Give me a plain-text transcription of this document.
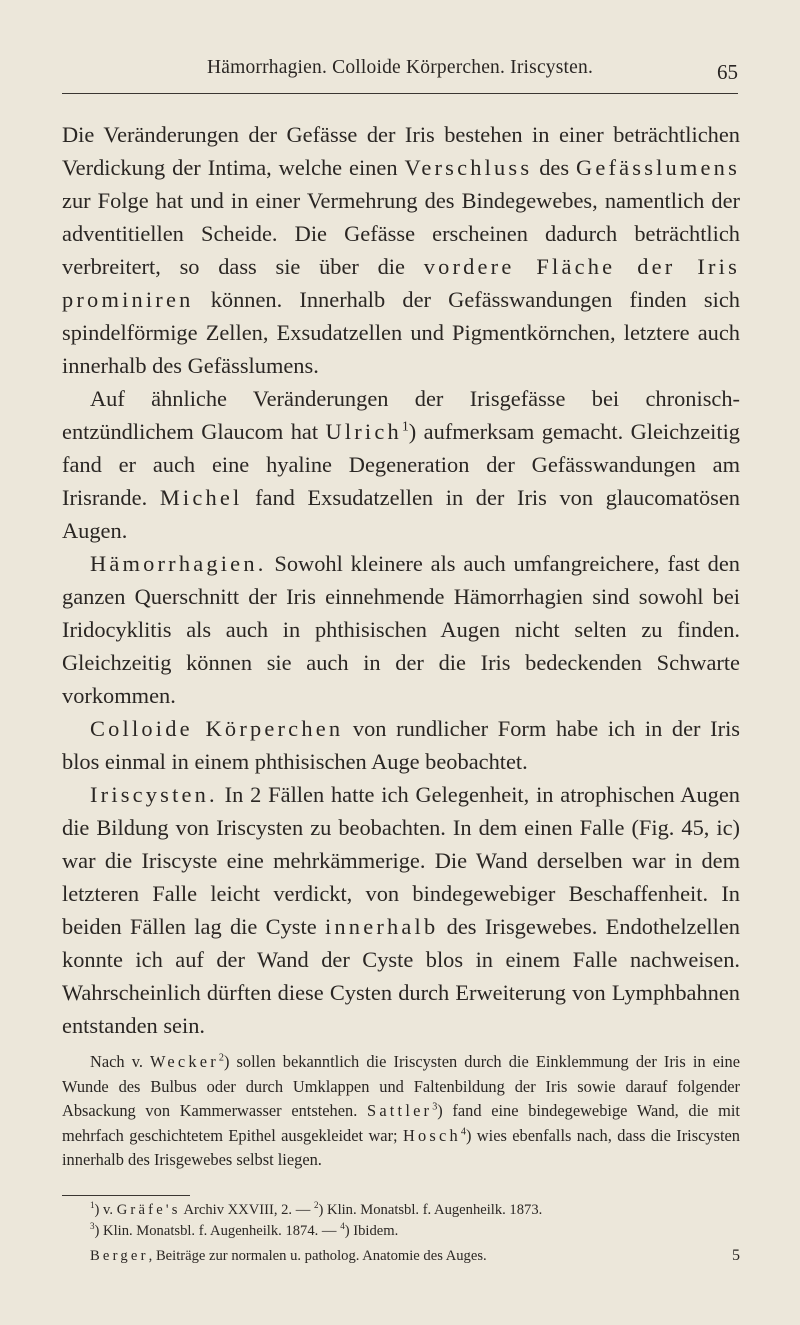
Hämorrhagien. Colloide Körperchen. Iriscysten.	65

Die Veränderungen der Gefässe der Iris bestehen in einer beträchtlichen Verdickung der Intima, welche einen Verschluss des Gefässlumens zur Folge hat und in einer Vermehrung des Bindegewebes, namentlich der adventitiellen Scheide. Die Gefässe erscheinen dadurch beträchtlich verbreitert, so dass sie über die vordere Fläche der Iris prominiren können. Innerhalb der Gefässwandungen finden sich spindelförmige Zellen, Exsudatzellen und Pigmentkörnchen, letztere auch innerhalb des Gefässlumens.

Auf ähnliche Veränderungen der Irisgefässe bei chronisch-entzündlichem Glaucom hat Ulrich$^1$) aufmerksam gemacht. Gleichzeitig fand er auch eine hyaline Degeneration der Gefässwandungen am Irisrande. Michel fand Exsudatzellen in der Iris von glaucomatösen Augen.

Hämorrhagien. Sowohl kleinere als auch umfangreichere, fast den ganzen Querschnitt der Iris einnehmende Hämorrhagien sind sowohl bei Iridocyklitis als auch in phthisischen Augen nicht selten zu finden. Gleichzeitig können sie auch in der die Iris bedeckenden Schwarte vorkommen.

Colloide Körperchen von rundlicher Form habe ich in der Iris blos einmal in einem phthisischen Auge beobachtet.

Iriscysten. In 2 Fällen hatte ich Gelegenheit, in atrophischen Augen die Bildung von Iriscysten zu beobachten. In dem einen Falle (Fig. 45, ic) war die Iriscyste eine mehrkämmerige. Die Wand derselben war in dem letzteren Falle leicht verdickt, von bindegewebiger Beschaffenheit. In beiden Fällen lag die Cyste innerhalb des Irisgewebes. Endothelzellen konnte ich auf der Wand der Cyste blos in einem Falle nachweisen. Wahrscheinlich dürften diese Cysten durch Erweiterung von Lymphbahnen entstanden sein.

Nach v. Wecker$^2$) sollen bekanntlich die Iriscysten durch die Einklemmung der Iris in eine Wunde des Bulbus oder durch Umklappen und Faltenbildung der Iris sowie darauf folgender Absackung von Kammerwasser entstehen. Sattler$^3$) fand eine bindegewebige Wand, die mit mehrfach geschichtetem Epithel ausgekleidet war; Hosch$^4$) wies ebenfalls nach, dass die Iriscysten innerhalb des Irisgewebes selbst liegen.

$^1$) v. Gräfe's Archiv XXVIII, 2. — $^2$) Klin. Monatsbl. f. Augenheilk. 1873.

$^3$) Klin. Monatsbl. f. Augenheilk. 1874. — $^4$) Ibidem.

Berger, Beiträge zur normalen u. patholog. Anatomie des Auges.	5
